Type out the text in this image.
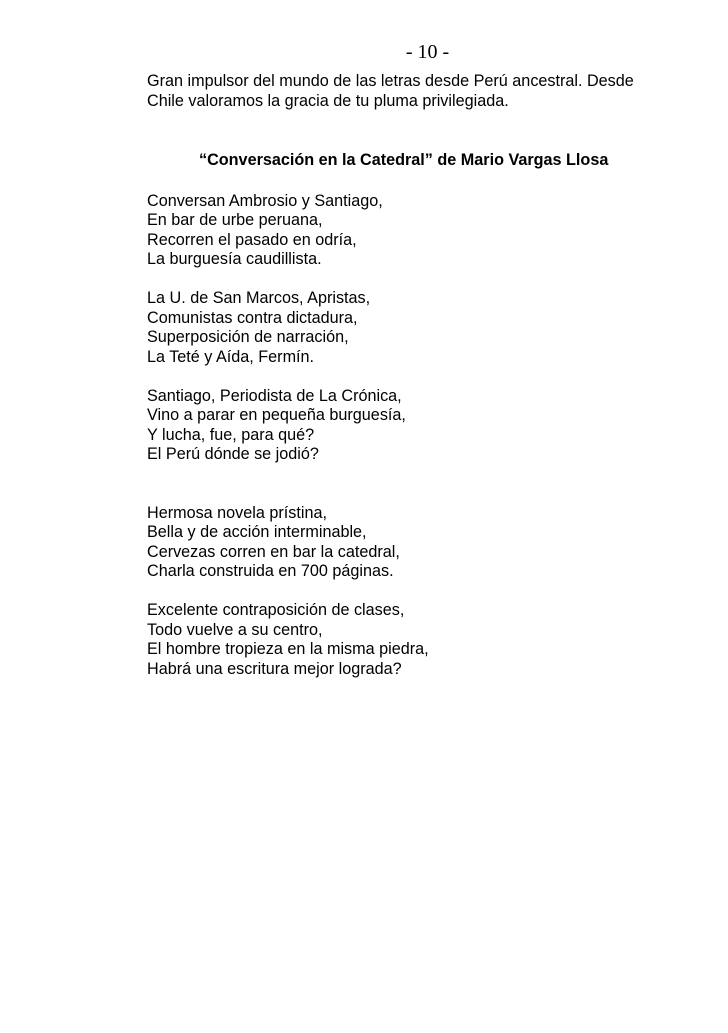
- 10 -

Gran impulsor del mundo de las letras desde Perú ancestral. Desde

Chile valoramos la gracia de tu pluma privilegiada.

“Conversación en la Catedral” de Mario Vargas Llosa

Conversan Ambrosio y Santiago,
En bar de urbe peruana,
Recorren el pasado en odría,
La burguesía caudillista.
La U. de San Marcos, Apristas,
Comunistas contra dictadura,
Superposición de narración,
La Teté y Aída, Fermín.
Santiago, Periodista de La Crónica,
Vino a parar en pequeña burguesía,
Y lucha, fue, para qué?
El Perú dónde se jodió?
Hermosa novela prístina,
Bella y de acción interminable,
Cervezas corren en bar la catedral,
Charla construida en 700 páginas.
Excelente contraposición de clases,
Todo vuelve a su centro,
El hombre tropieza en la misma piedra,
Habrá una escritura mejor lograda?
